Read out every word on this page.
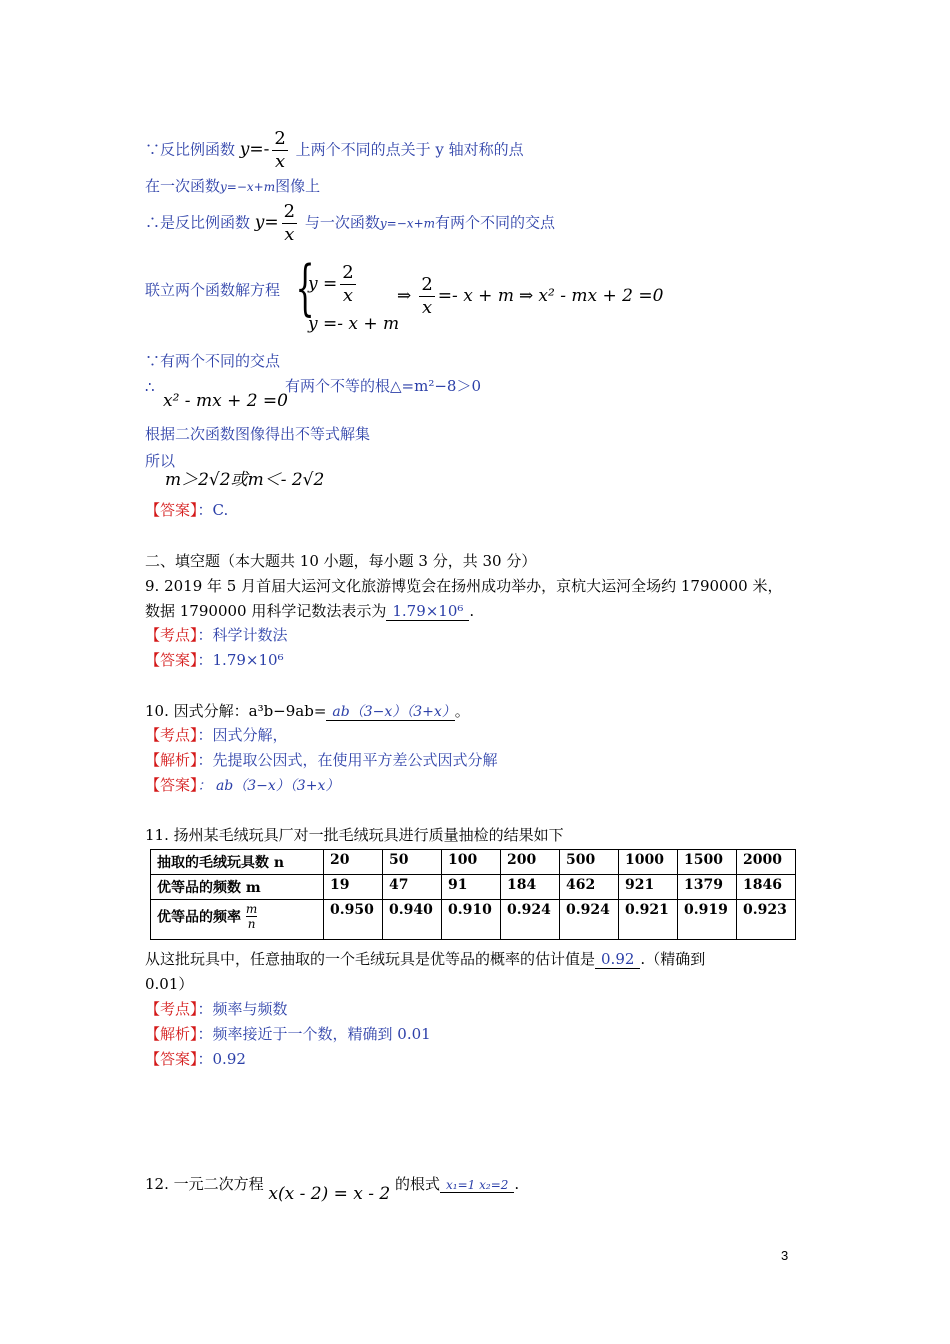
∵反比例函数 $y=- \frac{2}{x}$ 上两个不同的点关于 y 轴对称的点
在一次函数y=−x+m图像上
∴是反比例函数 $y= \frac{2}{x}$ 与一次函数y=−x+m有两个不同的交点
联立两个函数解方程 {
$y = \frac{2}{x}$
y =- x + m
⇒ $\frac{2}{x} =- x + m$ ⇒ x² - mx + 2 =0
∵有两个不同的交点
∴
x² - mx + 2 =0
有两个不等的根△=m²−8＞0
根据二次函数图像得出不等式解集
所以
m＞2√2或m＜- 2√2
【答案】：C.
二、填空题（本大题共 10 小题，每小题 3 分，共 30 分）
9. 2019 年 5 月首届大运河文化旅游博览会在扬州成功举办，京杭大运河全场约 1790000 米，
数据 1790000 用科学记数法表示为 1.79×10⁶ .
【考点】：科学计数法
【答案】：1.79×10⁶
10. 因式分解：a³b−9ab= ab（3−x）（3+x） 。
【考点】：因式分解，
【解析】：先提取公因式，在使用平方差公式因式分解
【答案】： ab（3−x）（3+x）
11. 扬州某毛绒玩具厂对一批毛绒玩具进行质量抽检的结果如下
抽取的毛绒玩具数 n	20	50	100	200	500	1000	1500	2000
优等品的频数 m	19	47	91	184	462	921	1379	1846
优等品的频率 $\frac{m}{n}$	0.950	0.940	0.910	0.924	0.924	0.921	0.919	0.923
从这批玩具中，任意抽取的一个毛绒玩具是优等品的概率的估计值是 0.92 .（精确到
0.01）
【考点】：频率与频数
【解析】：频率接近于一个数，精确到 0.01
【答案】：0.92
12. 一元二次方程 x(x - 2) = x - 2 的根式 x₁=1 x₂=2 .
3
